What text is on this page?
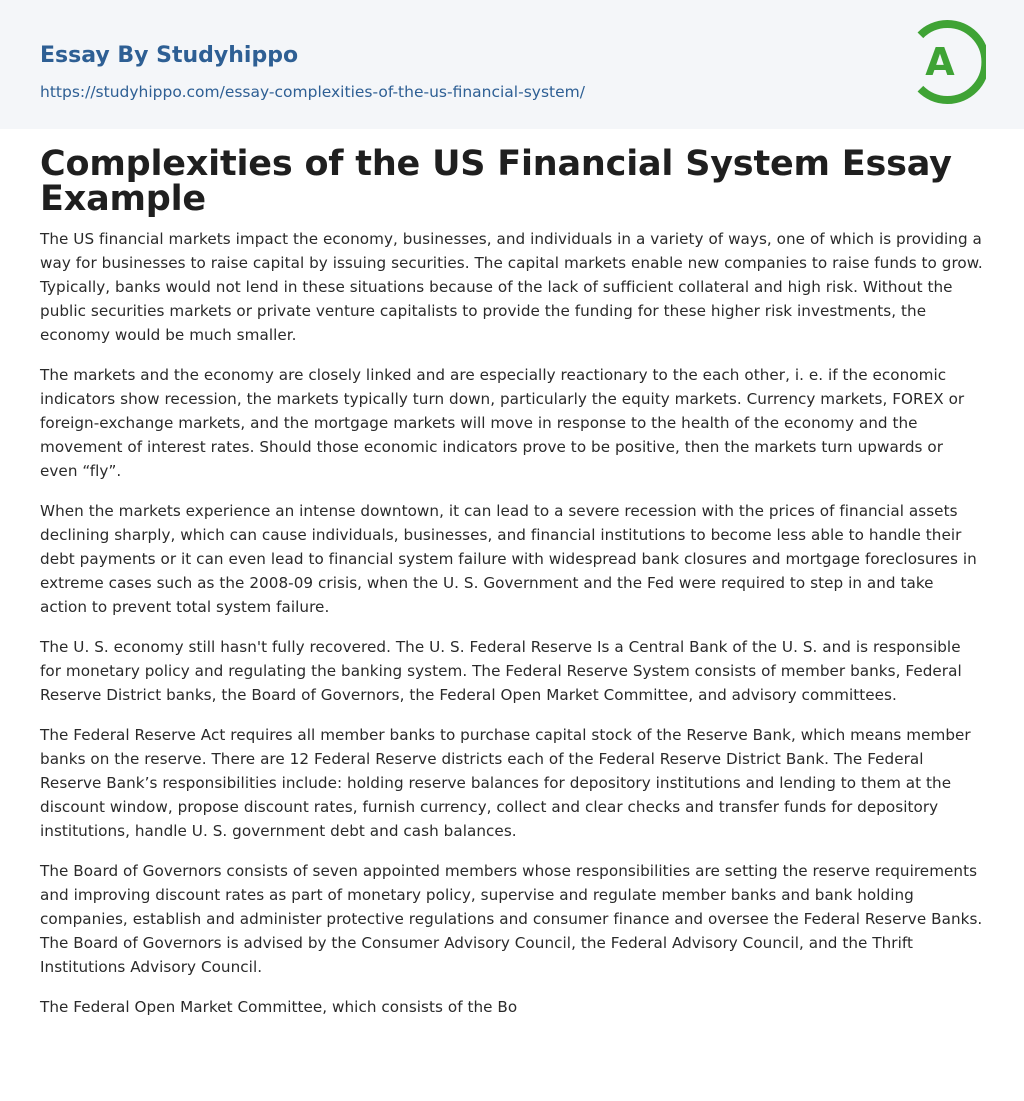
Essay By Studyhippo
https://studyhippo.com/essay-complexities-of-the-us-financial-system/
A
Complexities of the US Financial System Essay Example

The US financial markets impact the economy, businesses, and individuals in a variety of ways, one of which is providing a way for businesses to raise capital by issuing securities. The capital markets enable new companies to raise funds to grow. Typically, banks would not lend in these situations because of the lack of sufficient collateral and high risk. Without the public securities markets or private venture capitalists to provide the funding for these higher risk investments, the economy would be much smaller.

The markets and the economy are closely linked and are especially reactionary to the each other, i. e. if the economic indicators show recession, the markets typically turn down, particularly the equity markets. Currency markets, FOREX or foreign-exchange markets, and the mortgage markets will move in response to the health of the economy and the movement of interest rates. Should those economic indicators prove to be positive, then the markets turn upwards or even “fly”.

When the markets experience an intense downtown, it can lead to a severe recession with the prices of financial assets declining sharply, which can cause individuals, businesses, and financial institutions to become less able to handle their debt payments or it can even lead to financial system failure with widespread bank closures and mortgage foreclosures in extreme cases such as the 2008-09 crisis, when the U. S. Government and the Fed were required to step in and take action to prevent total system failure.

The U. S. economy still hasn't fully recovered. The U. S. Federal Reserve Is a Central Bank of the U. S. and is responsible for monetary policy and regulating the banking system. The Federal Reserve System consists of member banks, Federal Reserve District banks, the Board of Governors, the Federal Open Market Committee, and advisory committees.

The Federal Reserve Act requires all member banks to purchase capital stock of the Reserve Bank, which means member banks on the reserve. There are 12 Federal Reserve districts each of the Federal Reserve District Bank. The Federal Reserve Bank’s responsibilities include: holding reserve balances for depository institutions and lending to them at the discount window, propose discount rates, furnish currency, collect and clear checks and transfer funds for depository institutions, handle U. S. government debt and cash balances.

The Board of Governors consists of seven appointed members whose responsibilities are setting the reserve requirements and improving discount rates as part of monetary policy, supervise and regulate member banks and bank holding companies, establish and administer protective regulations and consumer finance and oversee the Federal Reserve Banks. The Board of Governors is advised by the Consumer Advisory Council, the Federal Advisory Council, and the Thrift Institutions Advisory Council.

The Federal Open Market Committee, which consists of the Bo
